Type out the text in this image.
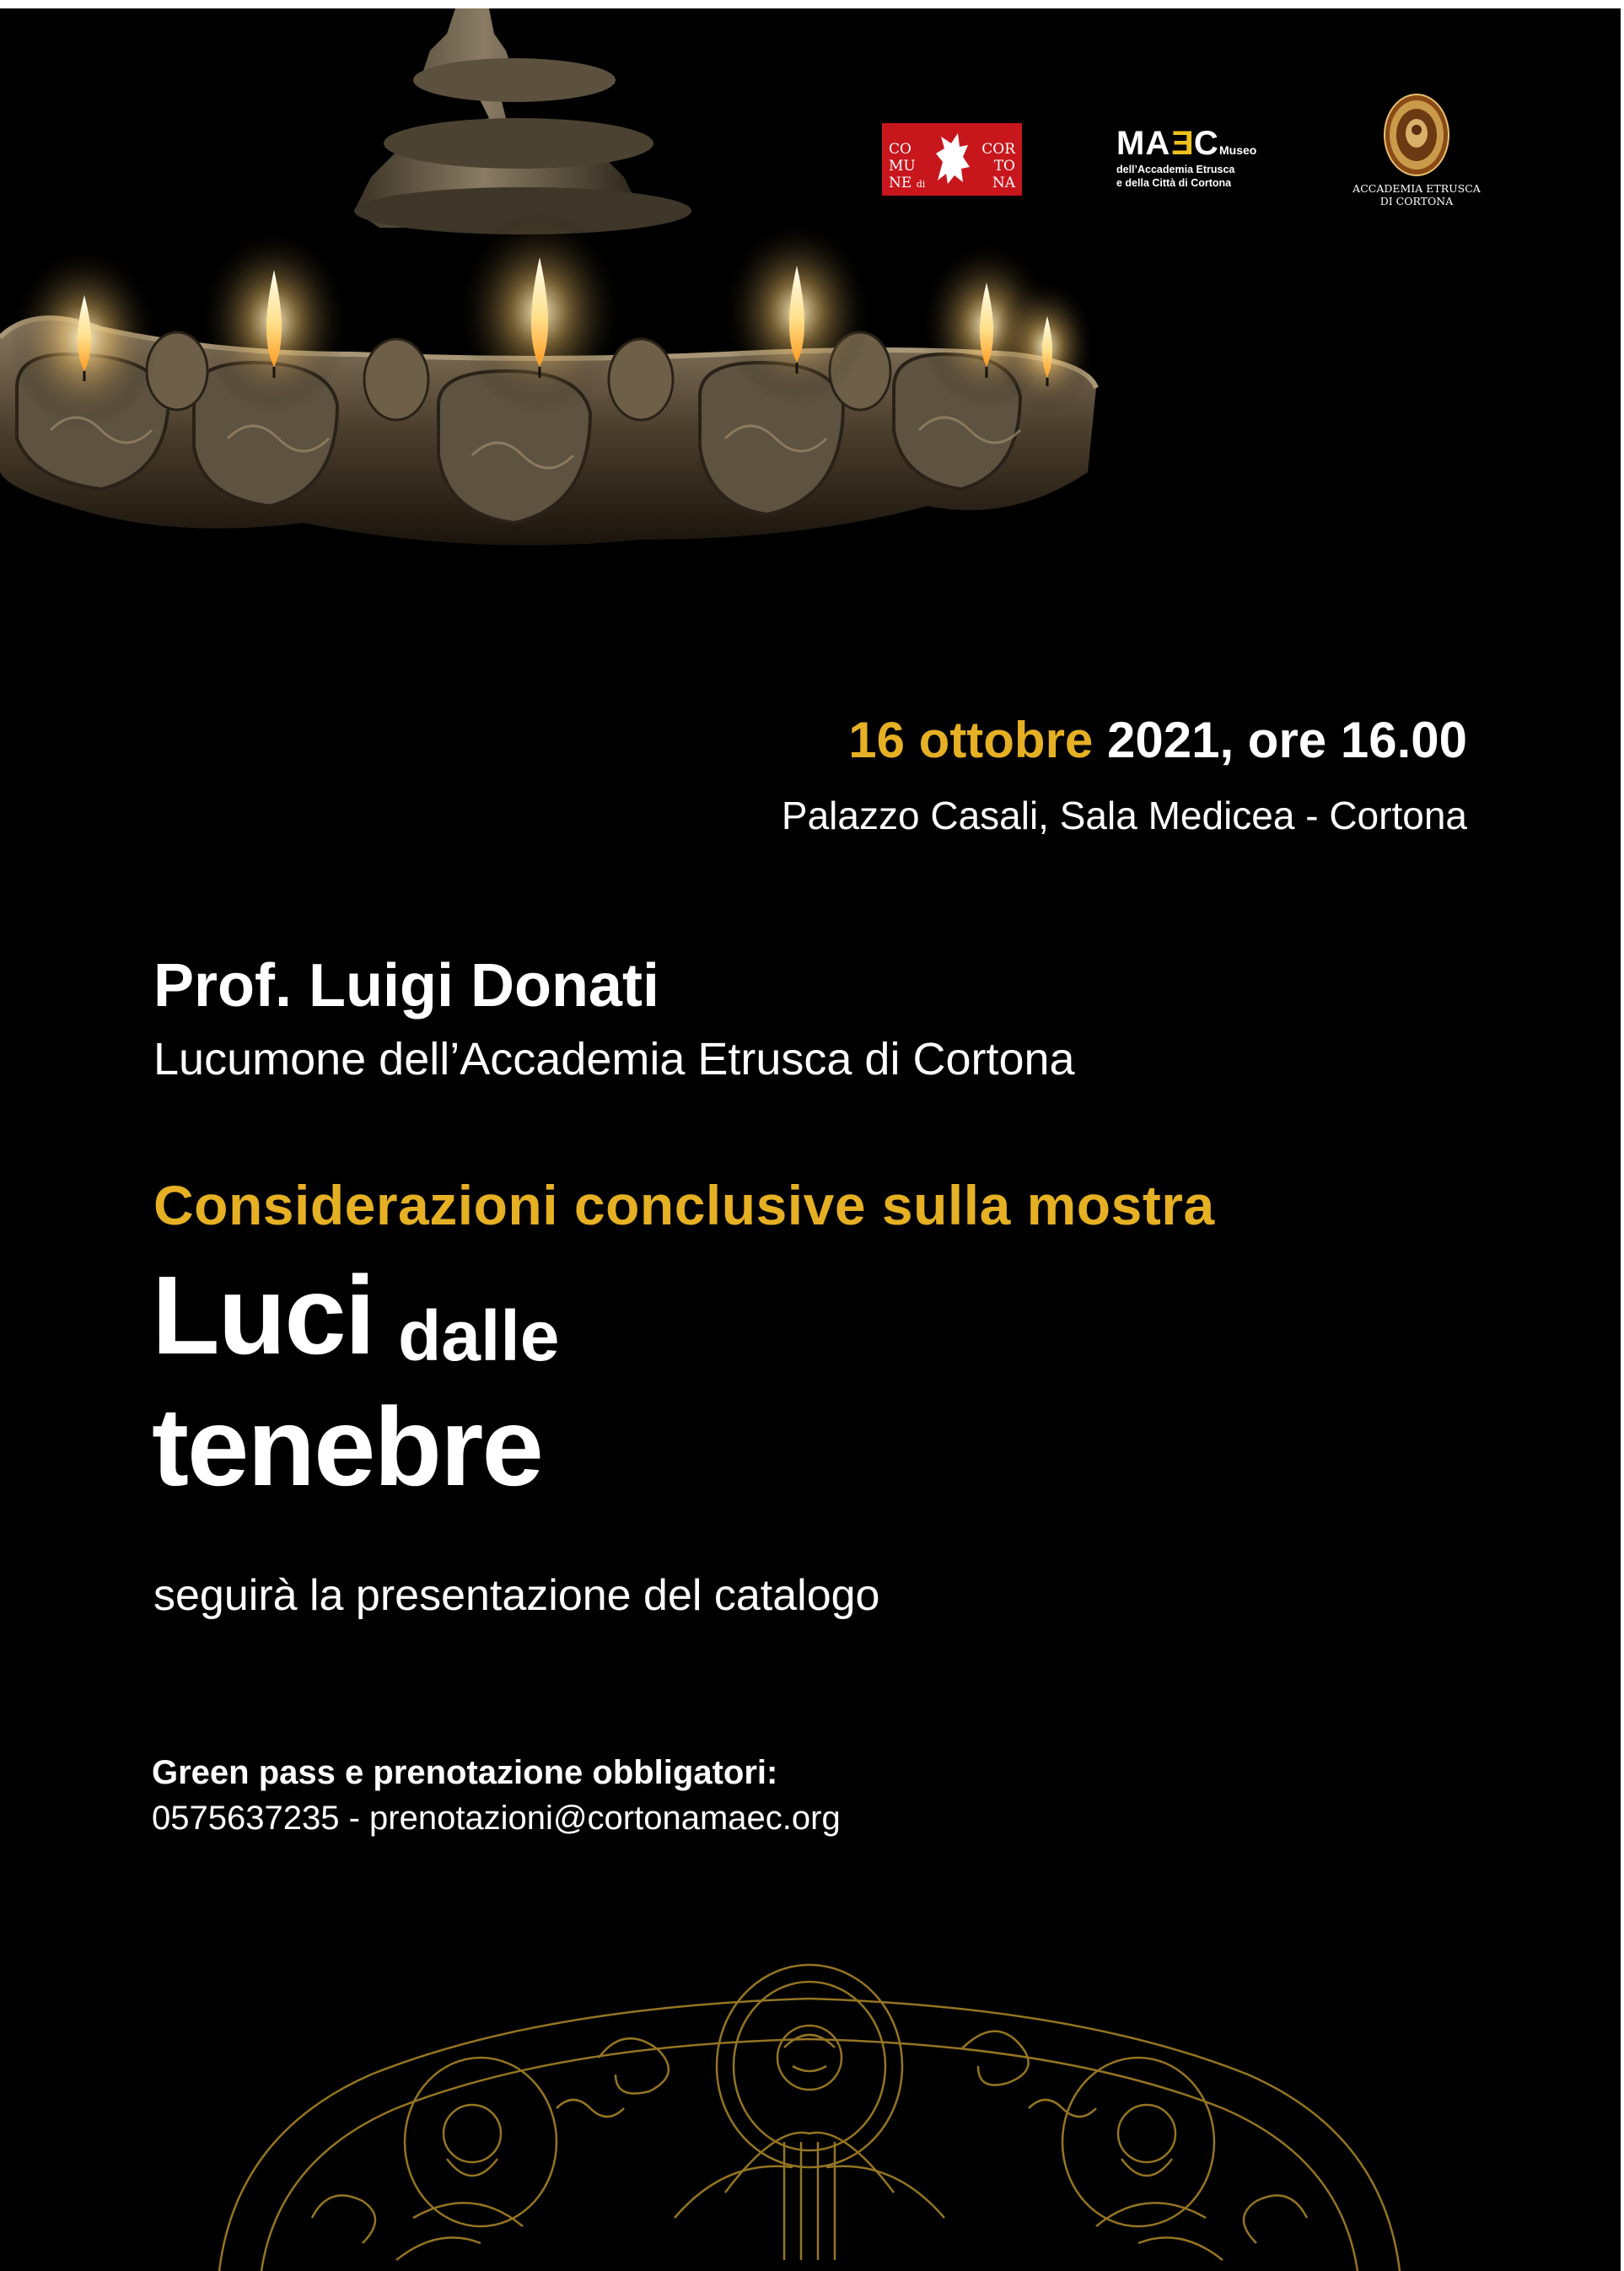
CO
MU
NE di
COR
TO
NA
MAEC Museo
dell’Accademia Etrusca
e della Città di Cortona	ACCADEMIA ETRUSCA
DI CORTONA
16 ottobre 2021, ore 16.00
Palazzo Casali, Sala Medicea - Cortona
Prof. Luigi Donati
Lucumone dell’Accademia Etrusca di Cortona
Considerazioni conclusive sulla mostra
Luci dalle
tenebre
seguirà la presentazione del catalogo
Green pass e prenotazione obbligatori:
0575637235 - prenotazioni@cortonamaec.org
